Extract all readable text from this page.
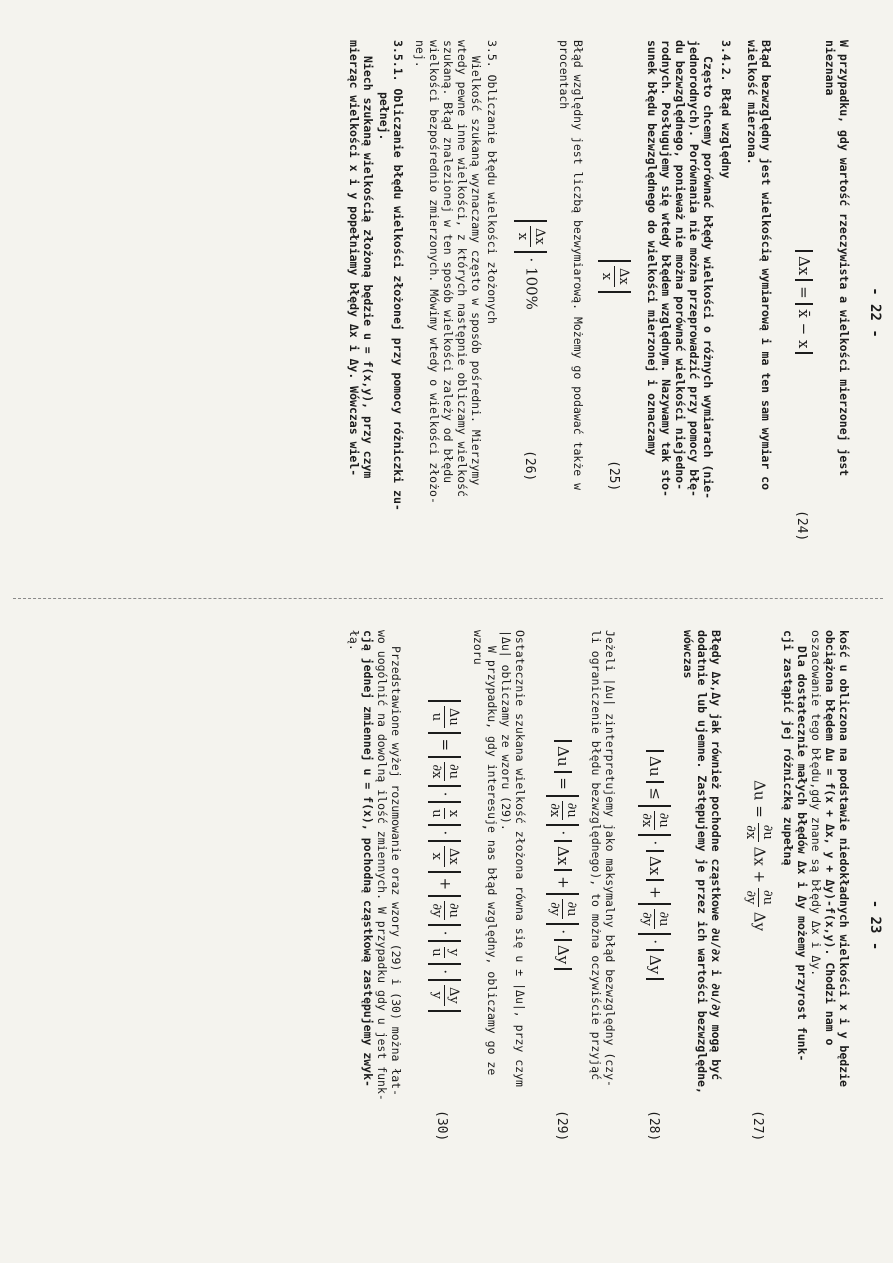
- 22 -
W przypadku, gdy wartość rzeczywista a wielkości mierzonej jest
nieznana
Δx = x̄ − x
(24)
Błąd bezwzględny jest wielkością wymiarową i ma ten sam wymiar co
wielkość mierzona.
3.4.2. Błąd względny
Często chcemy porównać błędy wielkości o różnych wymiarach (nie-
jednorodnych). Porównania nie można przeprowadzić przy pomocy błę-
du bezwzględnego, ponieważ nie można porównać wielkości niejedno-
rodnych. Posługujemy się wtedy błędem względnym. Nazywamy tak sto-
sunek błędu bezwzględnego do wielkości mierzonej i oznaczamy
Δx
x
(25)
Błąd względny jest liczbą bezwymiarową. Możemy go podawać także w
procentach
Δx
x
· 100%
(26)
3.5. Obliczanie błędu wielkości złożonych
Wielkość szukaną wyznaczamy często w sposób pośredni. Mierzymy
wtedy pewne inne wielkości, z których następnie obliczamy wielkość
szukaną. Błąd znalezionej w ten sposób wielkości zależy od błędu
wielkości bezpośrednio zmierzonych. Mówimy wtedy o wielkości złożo-
nej.
3.5.1. Obliczanie błędu wielkości złożonej przy pomocy różniczki zu-
pełnej.
Niech szukaną wielkością złożoną będzie u = f(x,y), przy czym
mierząc wielkości x i y popełniamy błędy Δx i Δy. Wówczas wiel-
- 23 -
kość u obliczona na podstawie niedokładnych wielkości x i y będzie
obciążona błędem Δu = f(x + Δx, y + Δy)-f(x,y). Chodzi nam o
oszacowanie tego błędu,gdy znane są błędy Δx i Δy.
Dla dostatecznie małych błędów Δx i Δy możemy przyrost funk-
cji zastąpić jej różniczką zupełną
Δu =
∂u
∂x
Δx +
∂u
∂y
Δy
(27)
Błędy Δx,Δy jak również pochodne cząstkowe ∂u/∂x i ∂u/∂y mogą być
dodatnie lub ujemne. Zastępujemy je przez ich wartości bezwzględne,
wówczas
Δu ≤
∂u
∂x
· Δx +
∂u
∂y
· Δy
(28)
Jeżeli |Δu| zinterpretujemy jako maksymalny błąd bezwzględny (czy-
li ograniczenie błędu bezwzględnego), to można oczywiście przyjąć
Δu =
∂u
∂x
· Δx +
∂u
∂y
· Δy
(29)
Ostatecznie szukana wielkość złożona równa się u ± |Δu|, przy czym
|Δu| obliczamy ze wzoru (29).
W przypadku, gdy interesuje nas błąd względny, obliczamy go ze
wzoru
Δu
u
=
∂u
∂x
·
x
u
·
Δx
x
+
∂u
∂y
·
y
u
·
Δy
y
(30)
Przedstawione wyżej rozumowanie oraz wzory (29) i (30) można łat-
wo uogólnić na dowolną ilość zmiennych. W przypadku gdy u jest funk-
cją jednej zmiennej u = f(x), pochodną cząstkową zastępujemy zwyk-
łą.
